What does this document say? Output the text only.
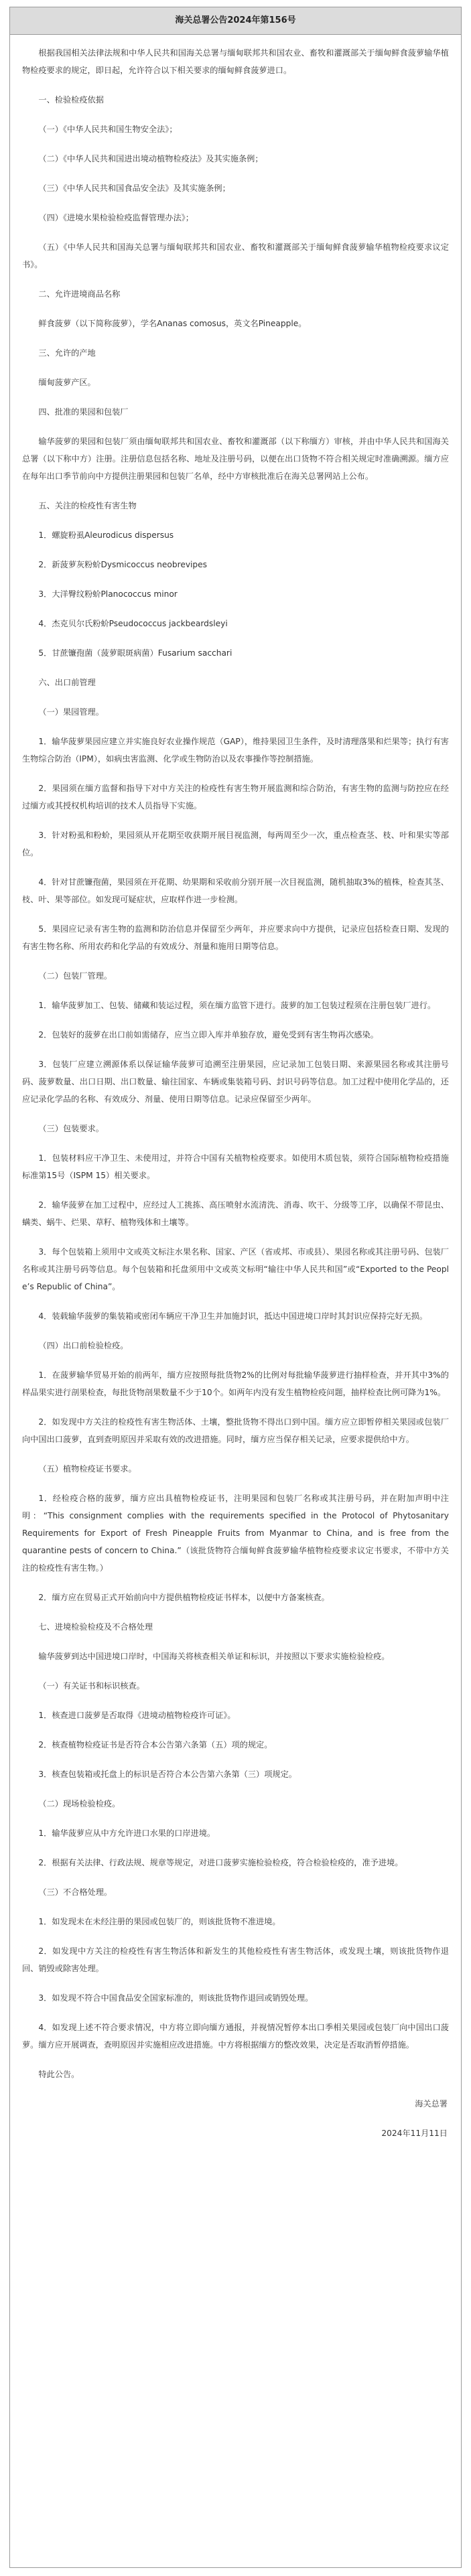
海关总署公告2024年第156号

根据我国相关法律法规和中华人民共和国海关总署与缅甸联邦共和国农业、畜牧和灌溉部关于缅甸鲜食菠萝输华植物检疫要求的规定，即日起，允许符合以下相关要求的缅甸鲜食菠萝进口。

一、检验检疫依据

（一）《中华人民共和国生物安全法》；

（二）《中华人民共和国进出境动植物检疫法》及其实施条例；

（三）《中华人民共和国食品安全法》及其实施条例；

（四）《进境水果检验检疫监督管理办法》；

（五）《中华人民共和国海关总署与缅甸联邦共和国农业、畜牧和灌溉部关于缅甸鲜食菠萝输华植物检疫要求议定书》。

二、允许进境商品名称

鲜食菠萝（以下简称菠萝），学名Ananas comosus，英文名Pineapple。

三、允许的产地

缅甸菠萝产区。

四、批准的果园和包装厂

输华菠萝的果园和包装厂须由缅甸联邦共和国农业、畜牧和灌溉部（以下称缅方）审核，并由中华人民共和国海关总署（以下称中方）注册。注册信息包括名称、地址及注册号码，以便在出口货物不符合相关规定时准确溯源。缅方应在每年出口季节前向中方提供注册果园和包装厂名单，经中方审核批准后在海关总署网站上公布。

五、关注的检疫性有害生物

1．螺旋粉虱Aleurodicus dispersus

2．新菠萝灰粉蚧Dysmicoccus neobrevipes

3．大洋臀纹粉蚧Planococcus minor

4．杰克贝尔氏粉蚧Pseudococcus jackbeardsleyi

5．甘蔗镰孢菌（菠萝眼斑病菌）Fusarium sacchari

六、出口前管理

（一）果园管理。

1．输华菠萝果园应建立并实施良好农业操作规范（GAP），维持果园卫生条件，及时清理落果和烂果等；执行有害生物综合防治（IPM），如病虫害监测、化学或生物防治以及农事操作等控制措施。

2．果园须在缅方监督和指导下对中方关注的检疫性有害生物开展监测和综合防治，有害生物的监测与防控应在经过缅方或其授权机构培训的技术人员指导下实施。

3．针对粉虱和粉蚧，果园须从开花期至收获期开展目视监测，每两周至少一次，重点检查茎、枝、叶和果实等部位。

4．针对甘蔗镰孢菌，果园须在开花期、幼果期和采收前分别开展一次目视监测，随机抽取3%的植株，检查其茎、枝、叶、果等部位。如发现可疑症状，应取样作进一步检测。

5．果园应记录有害生物的监测和防治信息并保留至少两年，并应要求向中方提供，记录应包括检查日期、发现的有害生物名称、所用农药和化学品的有效成分、剂量和施用日期等信息。

（二）包装厂管理。

1．输华菠萝加工、包装、储藏和装运过程，须在缅方监管下进行。菠萝的加工包装过程须在注册包装厂进行。

2．包装好的菠萝在出口前如需储存，应当立即入库并单独存放，避免受到有害生物再次感染。

3．包装厂应建立溯源体系以保证输华菠萝可追溯至注册果园，应记录加工包装日期、来源果园名称或其注册号码、菠萝数量、出口日期、出口数量、输往国家、车辆或集装箱号码、封识号码等信息。加工过程中使用化学品的，还应记录化学品的名称、有效成分、剂量、使用日期等信息。记录应保留至少两年。

（三）包装要求。

1．包装材料应干净卫生、未使用过，并符合中国有关植物检疫要求。如使用木质包装，须符合国际植物检疫措施标准第15号（ISPM 15）相关要求。

2．输华菠萝在加工过程中，应经过人工挑拣、高压喷射水流清洗、消毒、吹干、分级等工序，以确保不带昆虫、螨类、蜗牛、烂果、草籽、植物残体和土壤等。

3．每个包装箱上须用中文或英文标注水果名称、国家、产区（省或邦、市或县）、果园名称或其注册号码、包装厂名称或其注册号码等信息。每个包装箱和托盘须用中文或英文标明“输往中华人民共和国”或“Exported to the People’s Republic of China”。

4．装载输华菠萝的集装箱或密闭车辆应干净卫生并加施封识，抵达中国进境口岸时其封识应保持完好无损。

（四）出口前检验检疫。

1．在菠萝输华贸易开始的前两年，缅方应按照每批货物2%的比例对每批输华菠萝进行抽样检查，并开其中3%的样品果实进行剖果检查，每批货物剖果数量不少于10个。如两年内没有发生植物检疫问题，抽样检查比例可降为1%。

2．如发现中方关注的检疫性有害生物活体、土壤，整批货物不得出口到中国。缅方应立即暂停相关果园或包装厂向中国出口菠萝，直到查明原因并采取有效的改进措施。同时，缅方应当保存相关记录，应要求提供给中方。

（五）植物检疫证书要求。

1．经检疫合格的菠萝，缅方应出具植物检疫证书，注明果园和包装厂名称或其注册号码，并在附加声明中注明：“This consignment complies with the requirements specified in the Protocol of Phytosanitary Requirements for Export of Fresh Pineapple Fruits from Myanmar to China, and is free from the quarantine pests of concern to China.”（该批货物符合缅甸鲜食菠萝输华植物检疫要求议定书要求，不带中方关注的检疫性有害生物。）

2．缅方应在贸易正式开始前向中方提供植物检疫证书样本，以便中方备案核查。

七、进境检验检疫及不合格处理

输华菠萝到达中国进境口岸时，中国海关将核查相关单证和标识，并按照以下要求实施检验检疫。

（一）有关证书和标识核查。

1．核查进口菠萝是否取得《进境动植物检疫许可证》。

2．核查植物检疫证书是否符合本公告第六条第（五）项的规定。

3．核查包装箱或托盘上的标识是否符合本公告第六条第（三）项规定。

（二）现场检验检疫。

1．输华菠萝应从中方允许进口水果的口岸进境。

2．根据有关法律、行政法规、规章等规定，对进口菠萝实施检验检疫，符合检验检疫的，准予进境。

（三）不合格处理。

1．如发现未在未经注册的果园或包装厂的，则该批货物不准进境。

2．如发现中方关注的检疫性有害生物活体和新发生的其他检疫性有害生物活体，或发现土壤，则该批货物作退回、销毁或除害处理。

3．如发现不符合中国食品安全国家标准的，则该批货物作退回或销毁处理。

4．如发现上述不符合要求情况，中方将立即向缅方通报，并视情况暂停本出口季相关果园或包装厂向中国出口菠萝。缅方应开展调查，查明原因并实施相应改进措施。中方将根据缅方的整改效果，决定是否取消暂停措施。

特此公告。

海关总署

2024年11月11日
